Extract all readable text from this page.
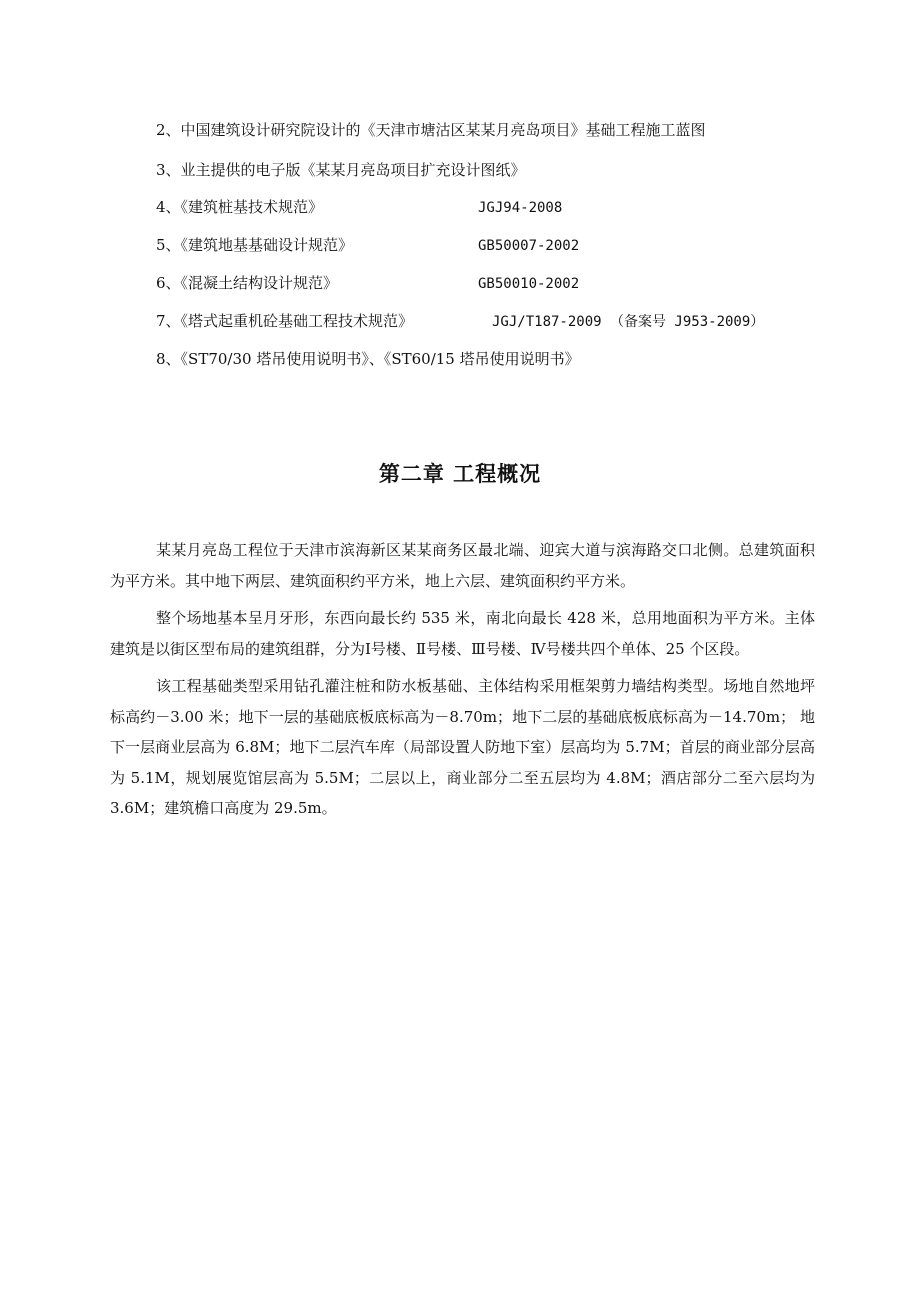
2、中国建筑设计研究院设计的《天津市塘沽区某某月亮岛项目》基础工程施工蓝图
3、业主提供的电子版《某某月亮岛项目扩充设计图纸》
4、《建筑桩基技术规范》	JGJ94-2008
5、《建筑地基基础设计规范》	GB50007-2002
6、《混凝土结构设计规范》	GB50010-2002
7、《塔式起重机砼基础工程技术规范》	JGJ/T187-2009 （备案号 J953-2009）
8、《ST70/30 塔吊使用说明书》、《ST60/15 塔吊使用说明书》
第二章 工程概况

某某月亮岛工程位于天津市滨海新区某某商务区最北端、迎宾大道与滨海路交口北侧。总建筑面积为平方米。其中地下两层、建筑面积约平方米，地上六层、建筑面积约平方米。

整个场地基本呈月牙形，东西向最长约 535 米，南北向最长 428 米，总用地面积为平方米。主体建筑是以街区型布局的建筑组群，分为Ⅰ号楼、Ⅱ号楼、Ⅲ号楼、Ⅳ号楼共四个单体、25 个区段。

该工程基础类型采用钻孔灌注桩和防水板基础、主体结构采用框架剪力墙结构类型。场地自然地坪标高约－3.00 米；地下一层的基础底板底标高为－8.70m；地下二层的基础底板底标高为－14.70m； 地下一层商业层高为 6.8M；地下二层汽车库（局部设置人防地下室）层高均为 5.7M；首层的商业部分层高为 5.1M，规划展览馆层高为 5.5M；二层以上，商业部分二至五层均为 4.8M；酒店部分二至六层均为 3.6M；建筑檐口高度为 29.5m。
